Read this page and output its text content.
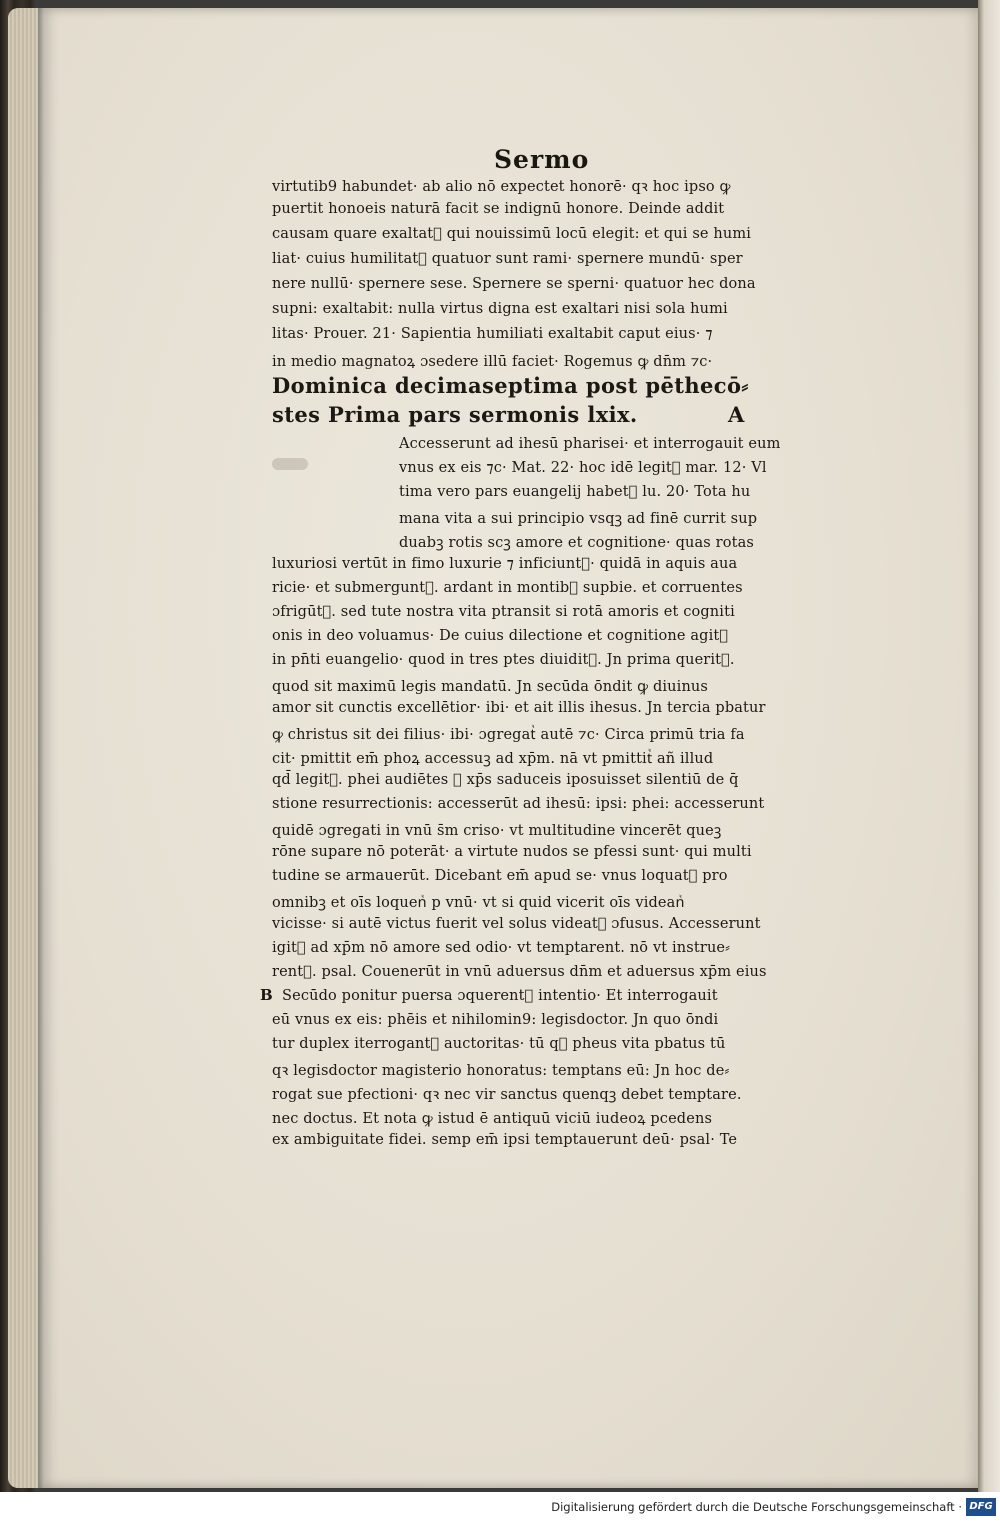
Sermo
virtutib9 habundet· ab alio nō expectet honorē· qꝛ hoc ipso ꝙ
puertit honoeis naturā facit se indignū honore. Deinde addit
causam quare exaltatᷣ qui nouissimū locū elegit: et qui se humi
liat· cuius humilitatᷣ quatuor sunt rami· spernere mundū· sper
nere nullū· spernere sese. Spernere se sperni· quatuor hec dona
supni: exaltabit: nulla virtus digna est exaltari nisi sola humi
litas· Prouer. 21· Sapientia humiliati exaltabit caput eius· ⁊
in medio magnatoꝝ ɔsedere illū faciet· Rogemus ꝙ dn̄m ⁊c·
Dominica decimaseptima post pēthecō⸗
stes Prima pars sermonis lxix.	A
Accesserunt ad ihesū pharisei· et interrogauit eum
vnus ex eis ⁊c· Mat. 22· hoc idē legitᷣ mar. 12· Vl
tima vero pars euangelij habetᷣ lu. 20· Tota hu
mana vita a sui principio vsqꝫ ad finē currit sup
duabꝫ rotis scꝫ amore et cognitione· quas rotas
luxuriosi vertūt in fimo luxurie ⁊ inficiuntᷣ· quidā in aquis aua
ricie· et submerguntᷣ. ardant in montibꝫ supbie. et corruentes
ɔfrigūtᷣ. sed tute nostra vita ptransit si rotā amoris et cogniti
onis in deo voluamus· De cuius dilectione et cognitione agitᷣ
in pn̄ti euangelio· quod in tres ptes diuiditᷣ. Jn prima queritᷣ.
quod sit maximū legis mandatū. Jn secūda ōndit ꝙ diuinus
amor sit cunctis excellētior· ibi· et ait illis ihesus. Jn tercia pbatur
ꝙ christus sit dei filius· ibi· ɔgregatᷣ autē ⁊c· Circa primū tria fa
cit· pmittit em̄ phoꝝ accessuꝫ ad xp̄m. nā vt pmittitᷣ añ illud
qd̄ legitᷣ. phei audiētes ꝙ xp̄s saduceis iposuisset silentiū de q̄
stione resurrectionis: accesserūt ad ihesū: ipsi: phei: accesserunt
quidē ɔgregati in vnū s̄m criso· vt multitudine vincerēt queꝫ
rōne supare nō poterāt· a virtute nudos se pfessi sunt· qui multi
tudine se armauerūt. Dicebant em̄ apud se· vnus loquatᷣ pro
omnibꝫ et oīs loquenᷣ p vnū· vt si quid vicerit oīs videanᷣ
vicisse· si autē victus fuerit vel solus videatᷣ ɔfusus. Accesserunt
igitᷣ ad xp̄m nō amore sed odio· vt temptarent. nō vt instrue⸗
rentᷣ. psal. Couenerūt in vnū aduersus dn̄m et aduersus xp̄m eius
B Secūdo ponitur puersa ɔquerentᷣ intentio· Et interrogauit
eū vnus ex eis: phēis et nihilomin9: legisdoctor. Jn quo ōndi
tur duplex iterrogantᷣ auctoritas· tū qꝛ pheus vita pbatus tū
qꝛ legisdoctor magisterio honoratus: temptans eū: Jn hoc de⸗
rogat sue pfectioni· qꝛ nec vir sanctus quenqꝫ debet temptare.
nec doctus. Et nota ꝙ istud ē antiquū viciū iudeoꝝ pcedens
ex ambiguitate fidei. semp em̄ ipsi temptauerunt deū· psal· Te
Digitalisierung gefördert durch die Deutsche Forschungsgemeinschaft · DFG
